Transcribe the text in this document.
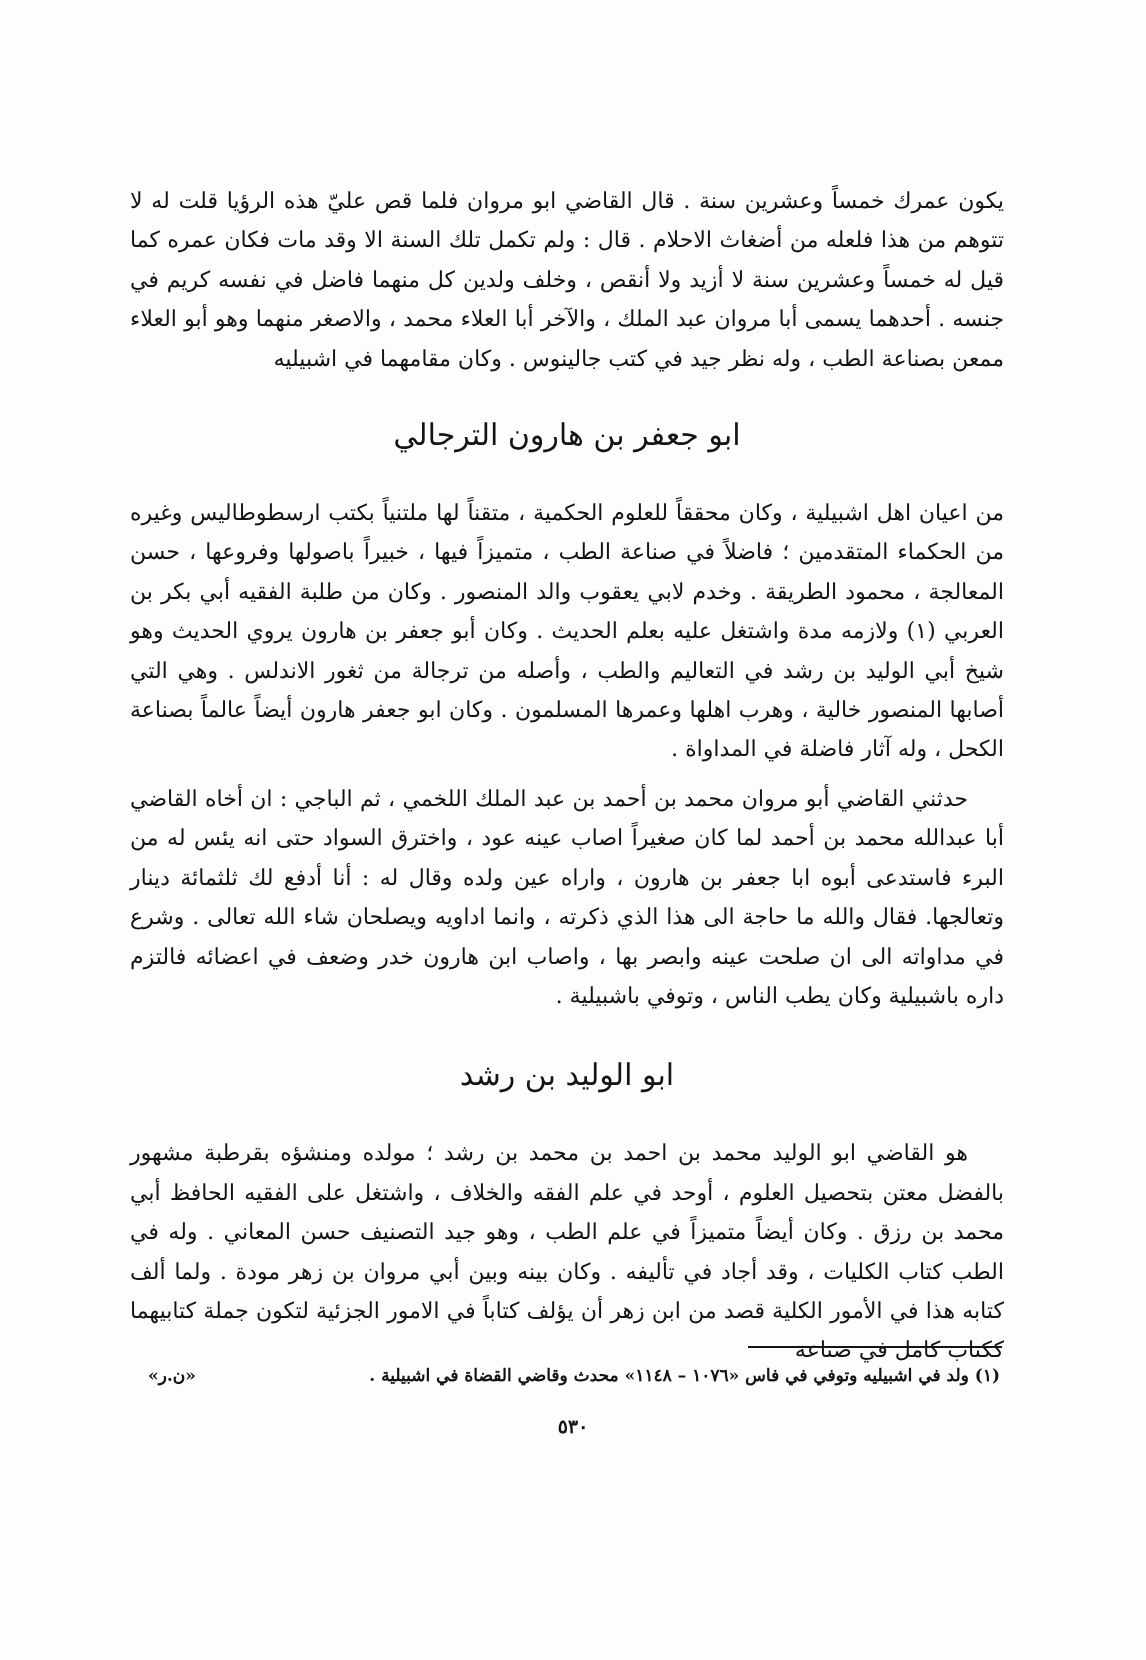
يكون عمرك خمساً وعشرين سنة . قال القاضي ابو مروان فلما قص عليّ هذه الرؤيا قلت له لا تتوهم من هذا فلعله من أضغاث الاحلام . قال : ولم تكمل تلك السنة الا وقد مات فكان عمره كما قيل له خمساً وعشرين سنة لا أزيد ولا أنقص ، وخلف ولدين كل منهما فاضل في نفسه كريم في جنسه . أحدهما يسمى أبا مروان عبد الملك ، والآخر أبا العلاء محمد ، والاصغر منهما وهو أبو العلاء ممعن بصناعة الطب ، وله نظر جيد في كتب جالينوس . وكان مقامهما في اشبيليه

ابو جعفر بن هارون الترجالي

من اعيان اهل اشبيلية ، وكان محققاً للعلوم الحكمية ، متقناً لها ملتنياً بكتب ارسطوطاليس وغيره من الحكماء المتقدمين ؛ فاضلاً في صناعة الطب ، متميزاً فيها ، خبيراً باصولها وفروعها ، حسن المعالجة ، محمود الطريقة . وخدم لابي يعقوب والد المنصور . وكان من طلبة الفقيه أبي بكر بن العربي (١) ولازمه مدة واشتغل عليه بعلم الحديث . وكان أبو جعفر بن هارون يروي الحديث وهو شيخ أبي الوليد بن رشد في التعاليم والطب ، وأصله من ترجالة من ثغور الاندلس . وهي التي أصابها المنصور خالية ، وهرب اهلها وعمرها المسلمون . وكان ابو جعفر هارون أيضاً عالماً بصناعة الكحل ، وله آثار فاضلة في المداواة .

حدثني القاضي أبو مروان محمد بن أحمد بن عبد الملك اللخمي ، ثم الباجي : ان أخاه القاضي أبا عبدالله محمد بن أحمد لما كان صغيراً اصاب عينه عود ، واخترق السواد حتى انه يئس له من البرء فاستدعى أبوه ابا جعفر بن هارون ، واراه عين ولده وقال له : أنا أدفع لك ثلثمائة دينار وتعالجها. فقال والله ما حاجة الى هذا الذي ذكرته ، وانما اداويه ويصلحان شاء الله تعالى . وشرع في مداواته الى ان صلحت عينه وابصر بها ، واصاب ابن هارون خدر وضعف في اعضائه فالتزم داره باشبيلية وكان يطب الناس ، وتوفي باشبيلية .

ابو الوليد بن رشد

هو القاضي ابو الوليد محمد بن احمد بن محمد بن رشد ؛ مولده ومنشؤه بقرطبة مشهور بالفضل معتن بتحصيل العلوم ، أوحد في علم الفقه والخلاف ، واشتغل على الفقيه الحافظ أبي محمد بن رزق . وكان أيضاً متميزاً في علم الطب ، وهو جيد التصنيف حسن المعاني . وله في الطب كتاب الكليات ، وقد أجاد في تأليفه . وكان بينه وبين أبي مروان بن زهر مودة . ولما ألف كتابه هذا في الأمور الكلية قصد من ابن زهر أن يؤلف كتاباً في الامور الجزئية لتكون جملة كتابيهما ككتاب كامل في صناعة

(١) ولد في اشبيليه وتوفي في فاس «١٠٧٦ – ١١٤٨» محدث وقاضي القضاة في اشبيلية .
«ن.ر»
٥٣٠
